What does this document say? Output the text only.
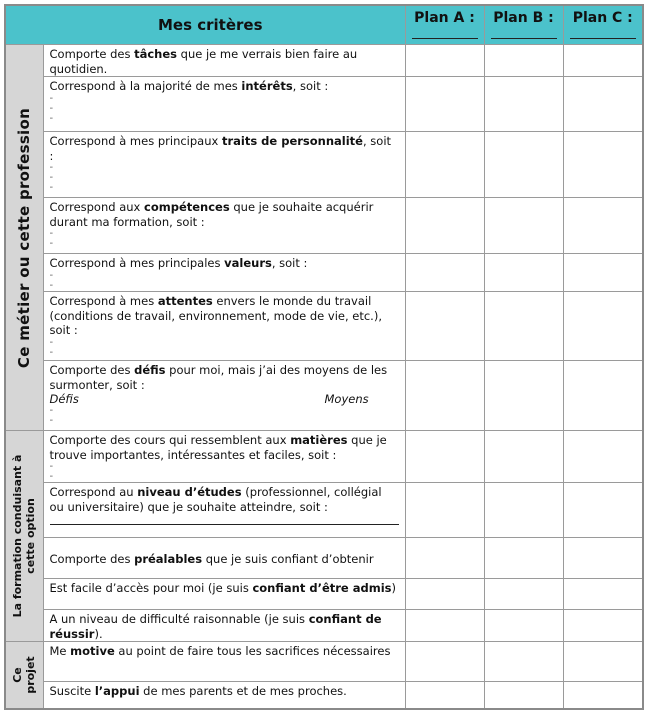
Mes critères		Plan A :	Plan B :	Plan C :

Ce métier ou cette profession	Comporte des tâches que je me verrais bien faire au quotidien.			
	Correspond à la majorité de mes intérêts, soit :
-
-
-			

	Correspond à mes principaux traits de personnalité, soit :
-
-
-			

	Correspond aux compétences que je souhaite acquérir durant ma formation, soit :
-
-			

	Correspond à mes principales valeurs, soit :
-
-			

	Correspond à mes attentes envers le monde du travail (conditions de travail, environnement, mode de vie, etc.), soit :
-
-			

	Comporte des défis pour moi, mais j’ai des moyens de les surmonter, soit :
Défis Moyens
-
-			

La formation conduisant à
cette option	Comporte des cours qui ressemblent aux matières que je trouve importantes, intéressantes et faciles, soit :
-
-			

	Correspond au niveau d’études (professionnel, collégial ou universitaire) que je souhaite atteindre, soit :

	Comporte des préalables que je suis confiant d’obtenir			
	Est facile d’accès pour moi (je suis confiant d’être admis)			
	A un niveau de difficulté raisonnable (je suis confiant de réussir).			

Ce
projet	Me motive au point de faire tous les sacrifices nécessaires			
	Suscite l’appui de mes parents et de mes proches.			
